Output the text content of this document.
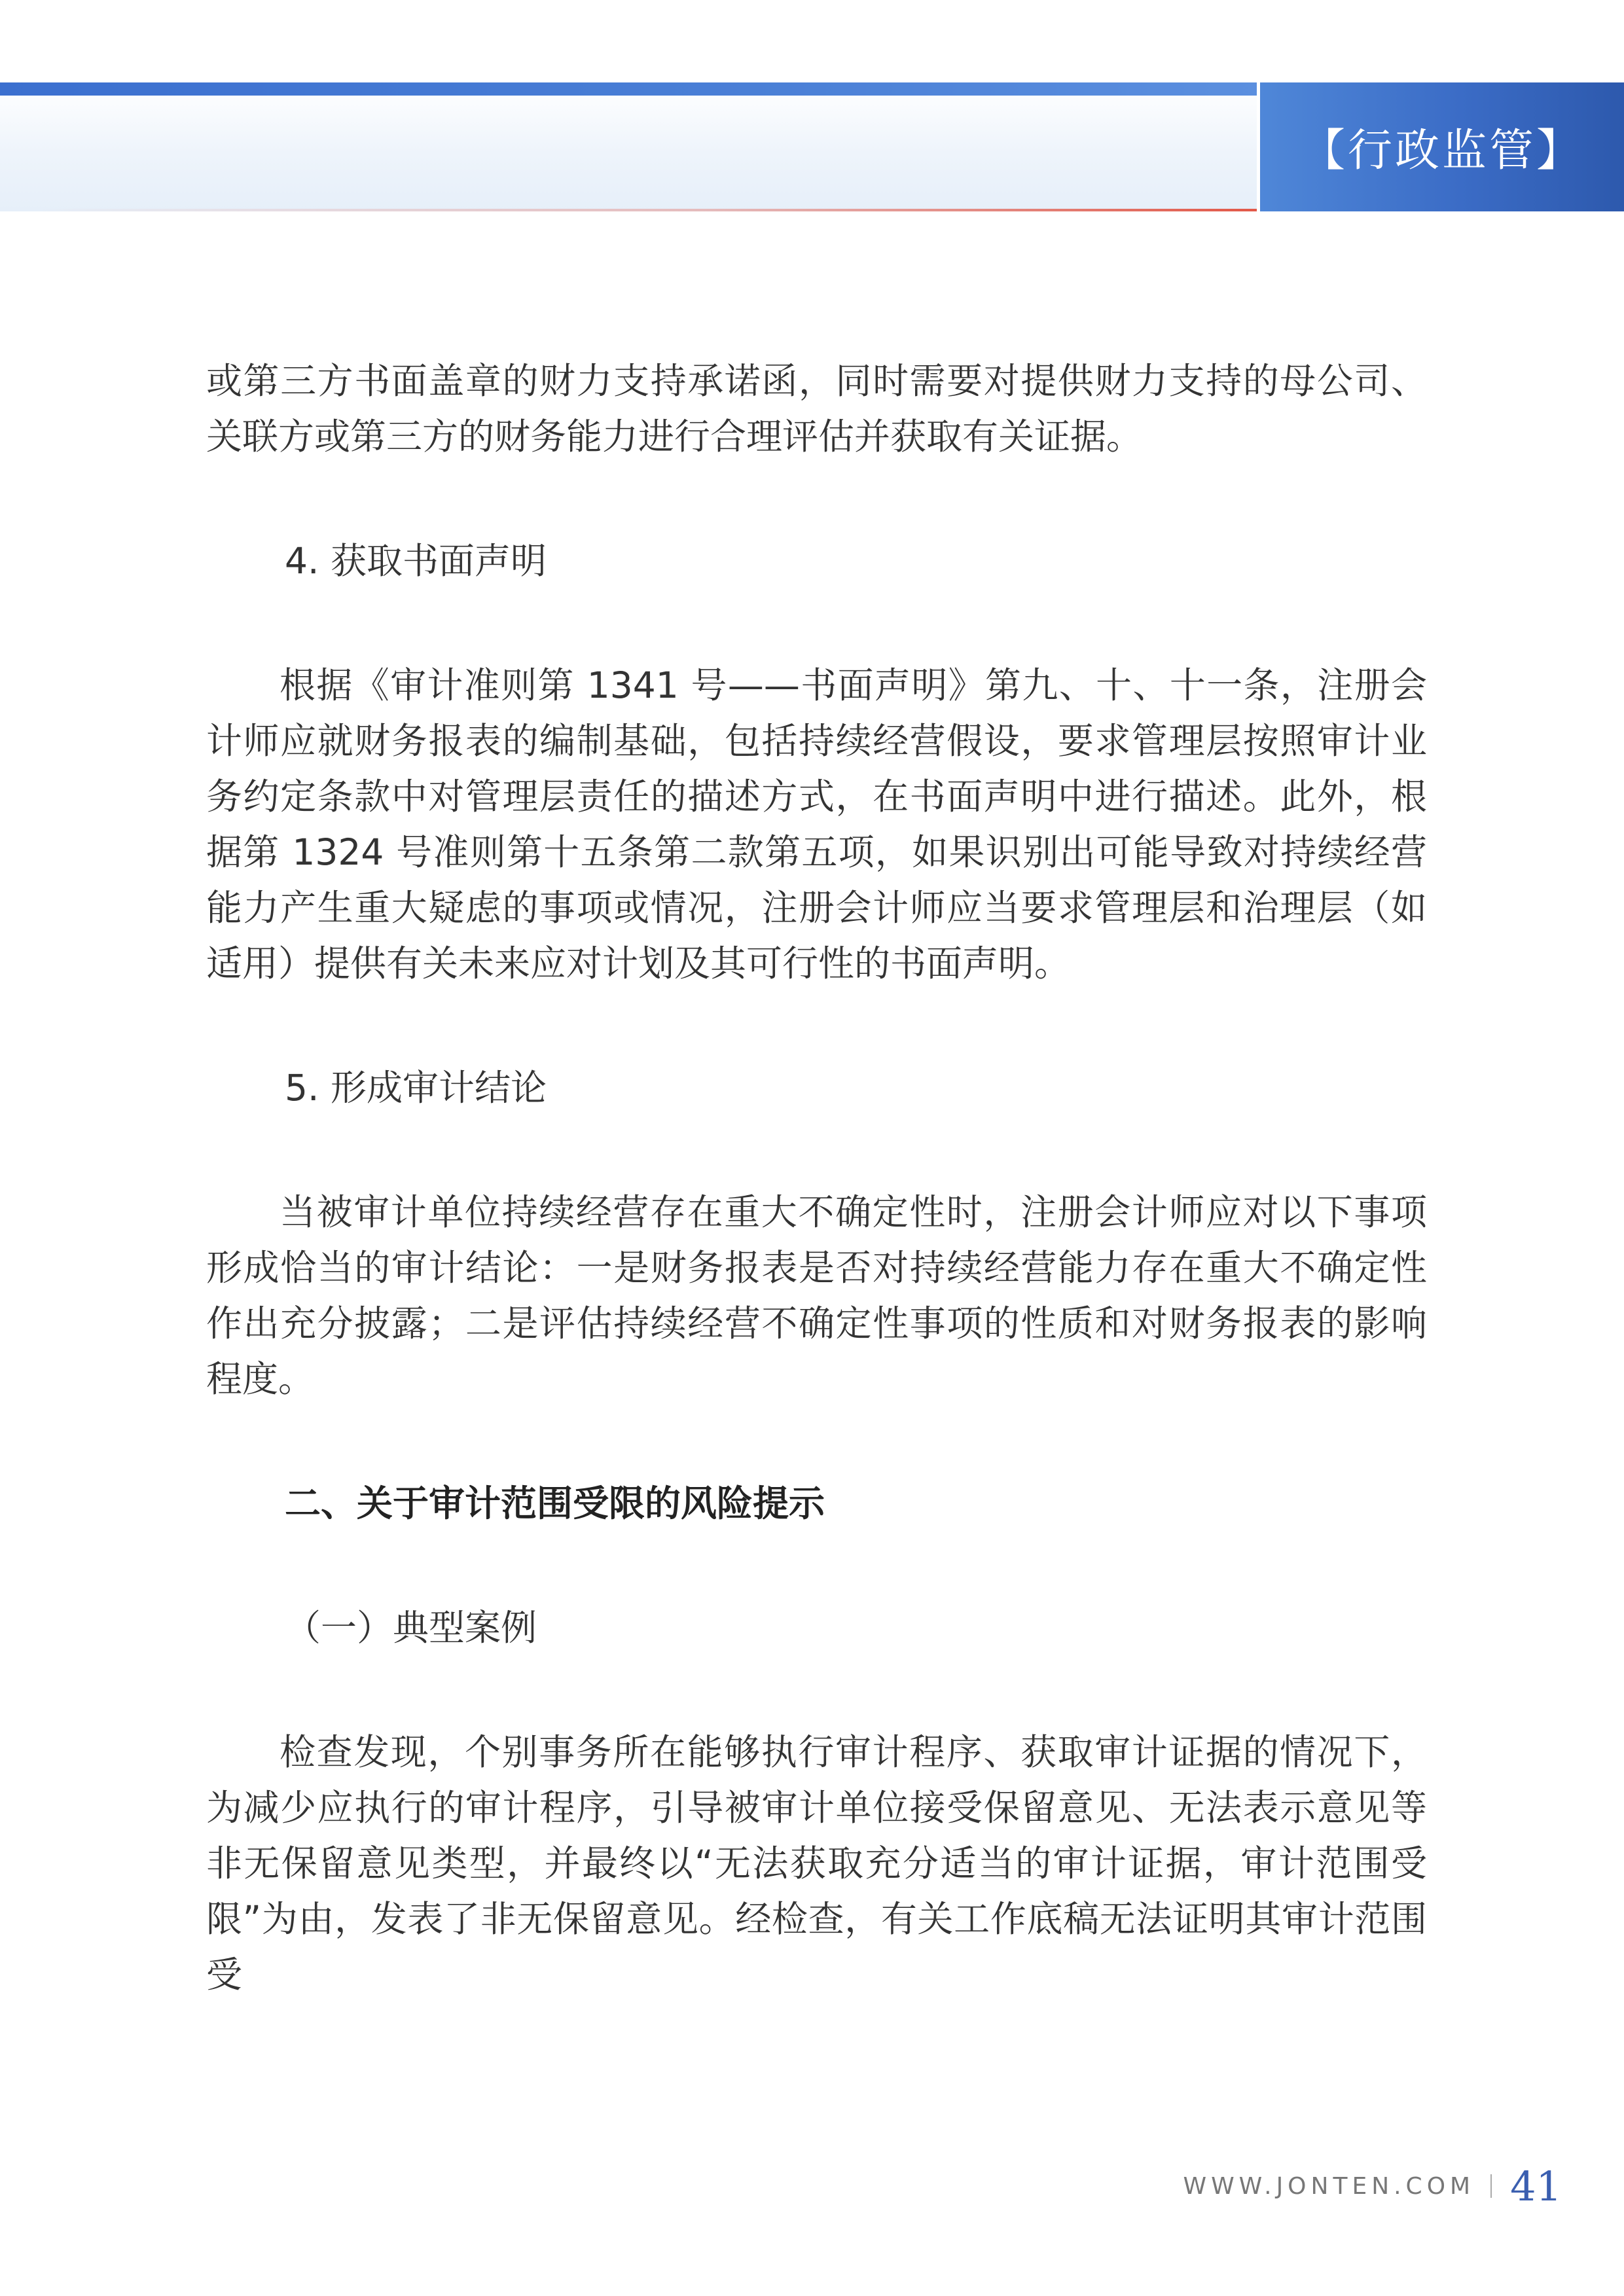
【行政监管】

或第三方书面盖章的财力支持承诺函，同时需要对提供财力支持的母公司、关联方或第三方的财务能力进行合理评估并获取有关证据。

4. 获取书面声明

根据《审计准则第 1341 号——书面声明》第九、十、十一条，注册会计师应就财务报表的编制基础，包括持续经营假设，要求管理层按照审计业务约定条款中对管理层责任的描述方式，在书面声明中进行描述。此外，根据第 1324 号准则第十五条第二款第五项，如果识别出可能导致对持续经营能力产生重大疑虑的事项或情况，注册会计师应当要求管理层和治理层（如适用）提供有关未来应对计划及其可行性的书面声明。

5. 形成审计结论

当被审计单位持续经营存在重大不确定性时，注册会计师应对以下事项形成恰当的审计结论：一是财务报表是否对持续经营能力存在重大不确定性作出充分披露；二是评估持续经营不确定性事项的性质和对财务报表的影响程度。

二、关于审计范围受限的风险提示

（一）典型案例

检查发现，个别事务所在能够执行审计程序、获取审计证据的情况下，为减少应执行的审计程序，引导被审计单位接受保留意见、无法表示意见等非无保留意见类型，并最终以“无法获取充分适当的审计证据，审计范围受限”为由，发表了非无保留意见。经检查，有关工作底稿无法证明其审计范围受

WWW.JONTEN.COM 41
